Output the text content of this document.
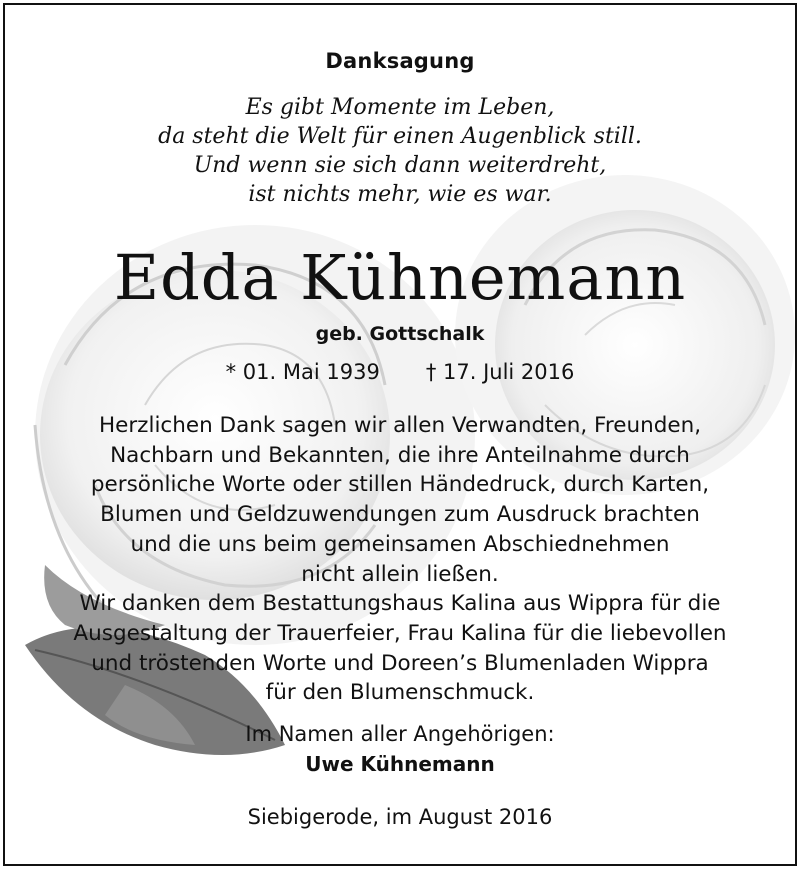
Danksagung
Es gibt Momente im Leben,
da steht die Welt für einen Augenblick still.
Und wenn sie sich dann weiterdreht,
ist nichts mehr, wie es war.
Edda Kühnemann
geb. Gottschalk
* 01. Mai 1939 † 17. Juli 2016
Herzlichen Dank sagen wir allen Verwandten, Freunden,
Nachbarn und Bekannten, die ihre Anteilnahme durch
persönliche Worte oder stillen Händedruck, durch Karten,
Blumen und Geldzuwendungen zum Ausdruck brachten
und die uns beim gemeinsamen Abschiednehmen
nicht allein ließen.
Wir danken dem Bestattungshaus Kalina aus Wippra für die
Ausgestaltung der Trauerfeier, Frau Kalina für die liebevollen
und tröstenden Worte und Doreen’s Blumenladen Wippra
für den Blumenschmuck.
Im Namen aller Angehörigen:
Uwe Kühnemann
Siebigerode, im August 2016
